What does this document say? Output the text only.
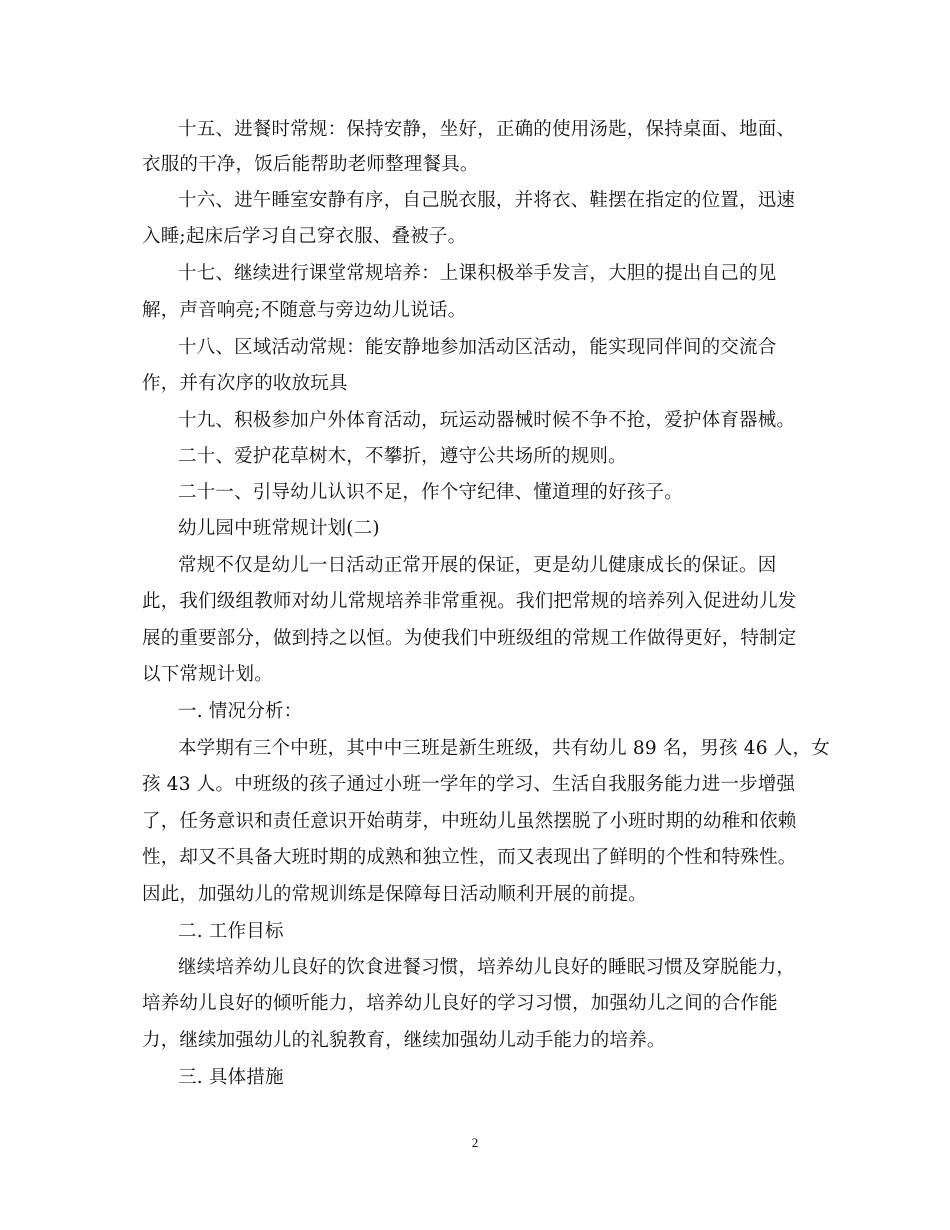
十五、进餐时常规：保持安静，坐好，正确的使用汤匙，保持桌面、地面、
衣服的干净，饭后能帮助老师整理餐具。
十六、进午睡室安静有序，自己脱衣服，并将衣、鞋摆在指定的位置，迅速
入睡;起床后学习自己穿衣服、叠被子。
十七、继续进行课堂常规培养：上课积极举手发言，大胆的提出自己的见
解，声音响亮;不随意与旁边幼儿说话。
十八、区域活动常规：能安静地参加活动区活动，能实现同伴间的交流合
作，并有次序的收放玩具
十九、积极参加户外体育活动，玩运动器械时候不争不抢，爱护体育器械。
二十、爱护花草树木，不攀折，遵守公共场所的规则。
二十一、引导幼儿认识不足，作个守纪律、懂道理的好孩子。
幼儿园中班常规计划(二)
常规不仅是幼儿一日活动正常开展的保证，更是幼儿健康成长的保证。因
此，我们级组教师对幼儿常规培养非常重视。我们把常规的培养列入促进幼儿发
展的重要部分，做到持之以恒。为使我们中班级组的常规工作做得更好，特制定
以下常规计划。
一. 情况分析：
本学期有三个中班，其中中三班是新生班级，共有幼儿 89 名，男孩 46 人，女
孩 43 人。中班级的孩子通过小班一学年的学习、生活自我服务能力进一步增强
了，任务意识和责任意识开始萌芽，中班幼儿虽然摆脱了小班时期的幼稚和依赖
性，却又不具备大班时期的成熟和独立性，而又表现出了鲜明的个性和特殊性。
因此，加强幼儿的常规训练是保障每日活动顺利开展的前提。
二. 工作目标
继续培养幼儿良好的饮食进餐习惯，培养幼儿良好的睡眠习惯及穿脱能力，
培养幼儿良好的倾听能力，培养幼儿良好的学习习惯，加强幼儿之间的合作能
力，继续加强幼儿的礼貌教育，继续加强幼儿动手能力的培养。
三. 具体措施
2
